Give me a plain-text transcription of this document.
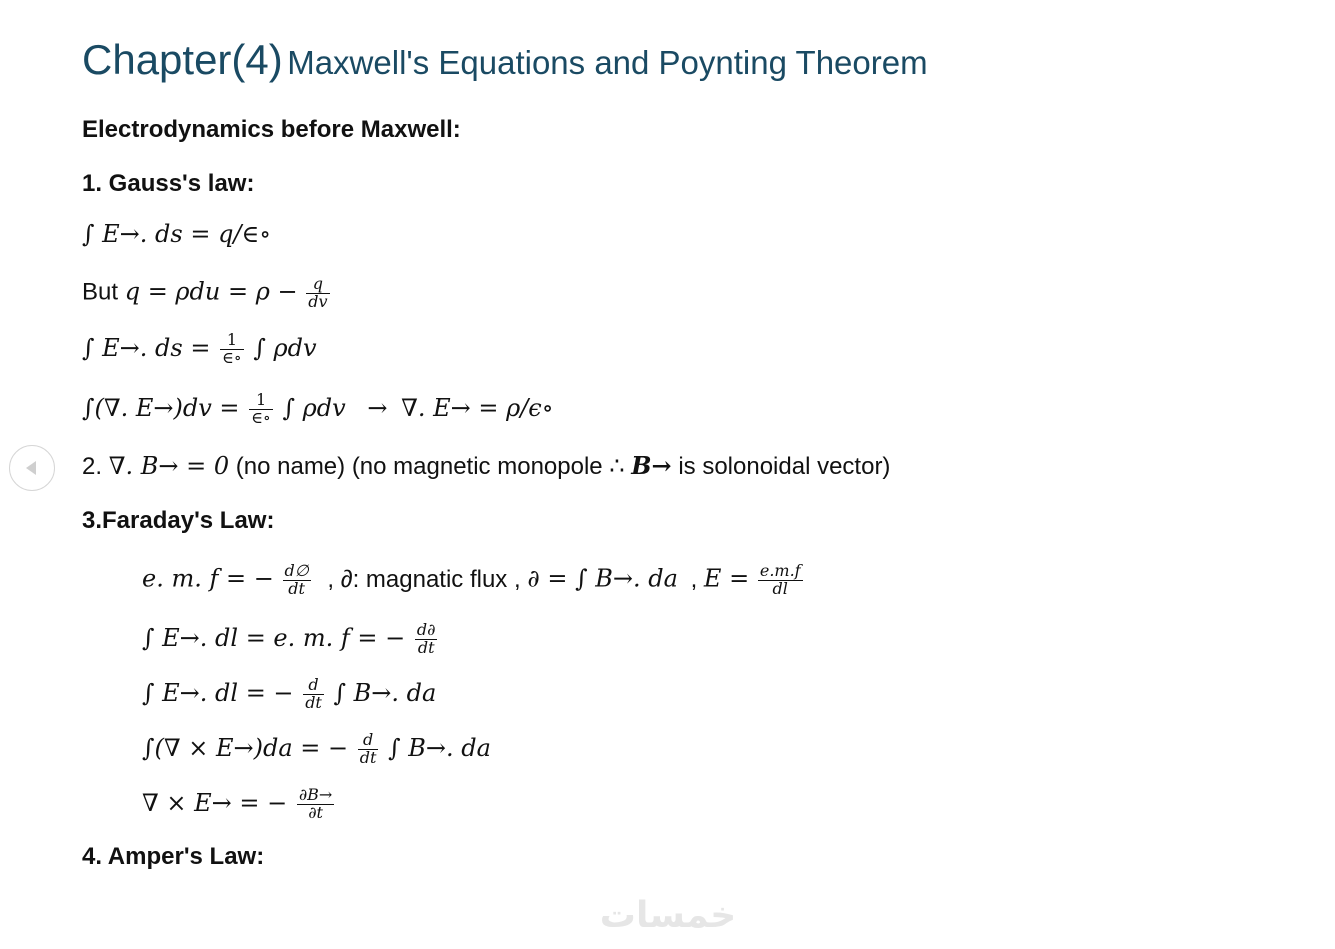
Chapter(4) Maxwell's Equations and Poynting Theorem
Electrodynamics before Maxwell:
1. Gauss's law:
∫ E→. ds = q/∈∘
But $q = \rho du = \rho - \frac{q}{dv}$
∫ E→. ds = $\frac{1}{\in\circ}$ ∫ ρdv
∫(∇. $E\to)dv = \frac{1}{\in\circ}$ ∫ ρdv → ∇. E→ = ρ/ϵ∘
2. ∇. B→ = 0 (no name) (no magnetic monopole ∴ B→ is solonoidal vector)
3.Faraday's Law:
e. m. f = − $\frac{d\emptyset}{dt}$ , ∂: magnatic flux , ∂ = ∫ B→. da , $E = \frac{e.m.f}{dl}$
∫ E→. dl = e. m. f = − $\frac{d\partial}{dt}$
∫ E→. dl = − $\frac{d}{dt}$ ∫ B→. da
∫(∇ × E→)da = − $\frac{d}{dt}$ ∫ B→. da
∇ × E→ = − $\frac{\partial B\to}{\partial t}$
4. Amper's Law:
خمسات
